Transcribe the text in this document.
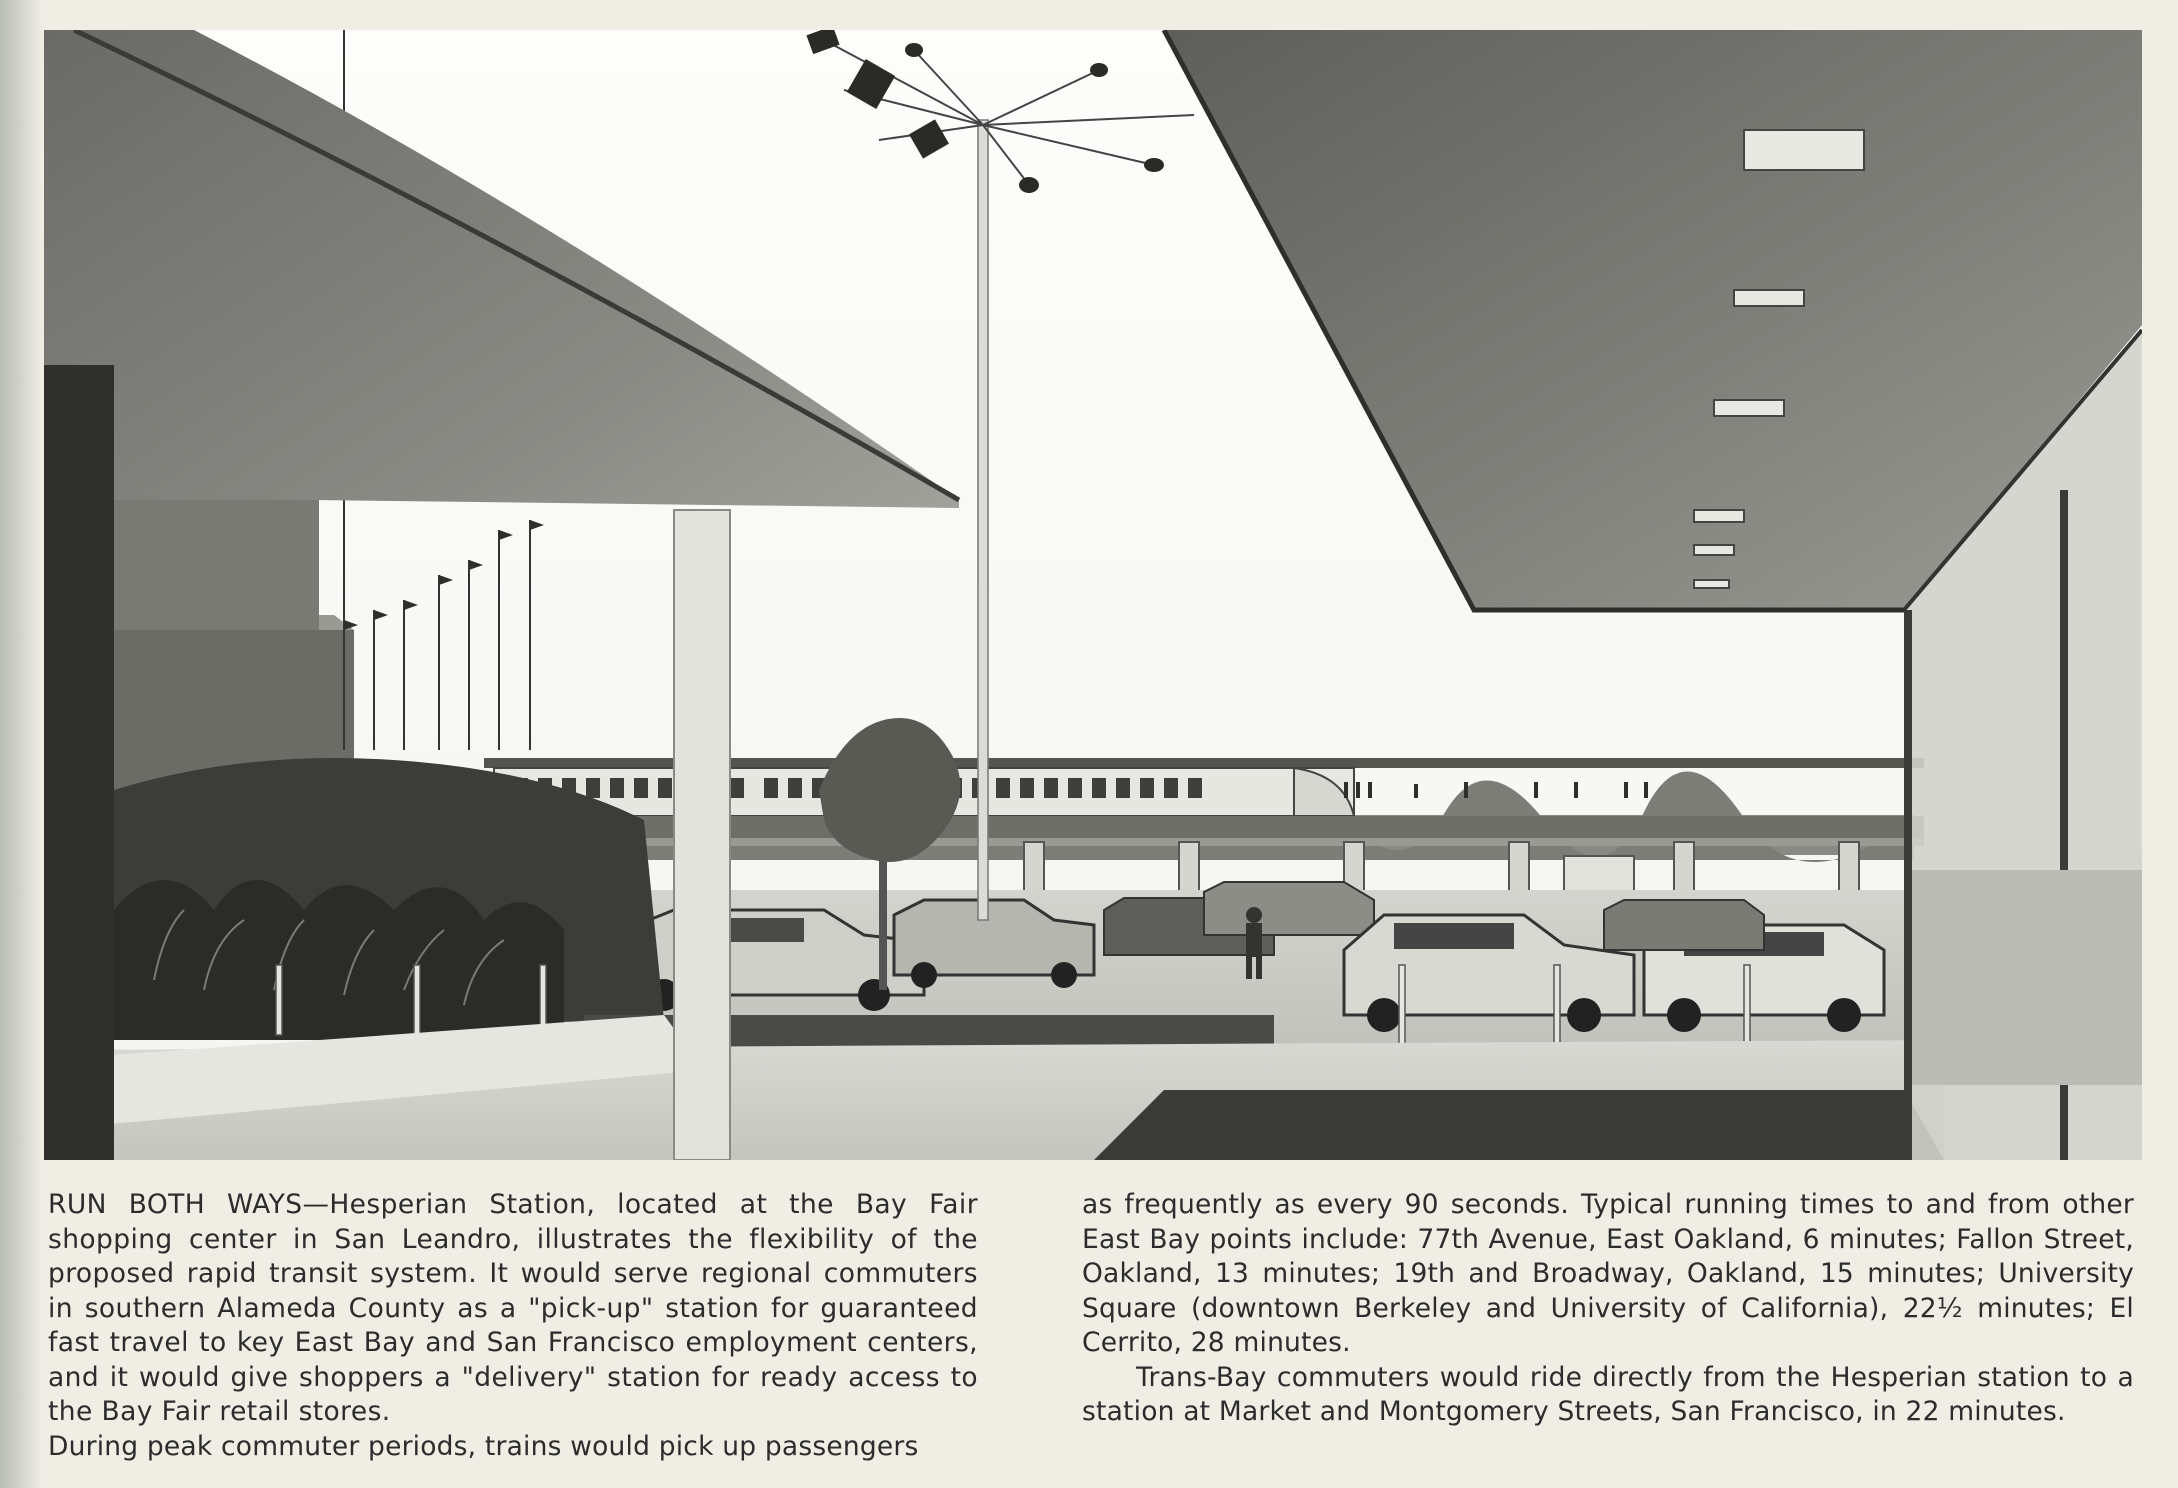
RUN BOTH WAYS—Hesperian Station, located at the Bay Fair shopping center in San Leandro, illustrates the flexibility of the proposed rapid transit system. It would serve regional commuters in southern Alameda County as a "pick-up" station for guaranteed fast travel to key East Bay and San Francisco employment centers, and it would give shoppers a "delivery" station for ready access to the Bay Fair retail stores.

During peak commuter periods, trains would pick up passengers

as frequently as every 90 seconds. Typical running times to and from other East Bay points include: 77th Avenue, East Oakland, 6 minutes; Fallon Street, Oakland, 13 minutes; 19th and Broadway, Oakland, 15 minutes; University Square (downtown Berkeley and University of California), 22½ minutes; El Cerrito, 28 minutes.

Trans-Bay commuters would ride directly from the Hesperian station to a station at Market and Montgomery Streets, San Francisco, in 22 minutes.
